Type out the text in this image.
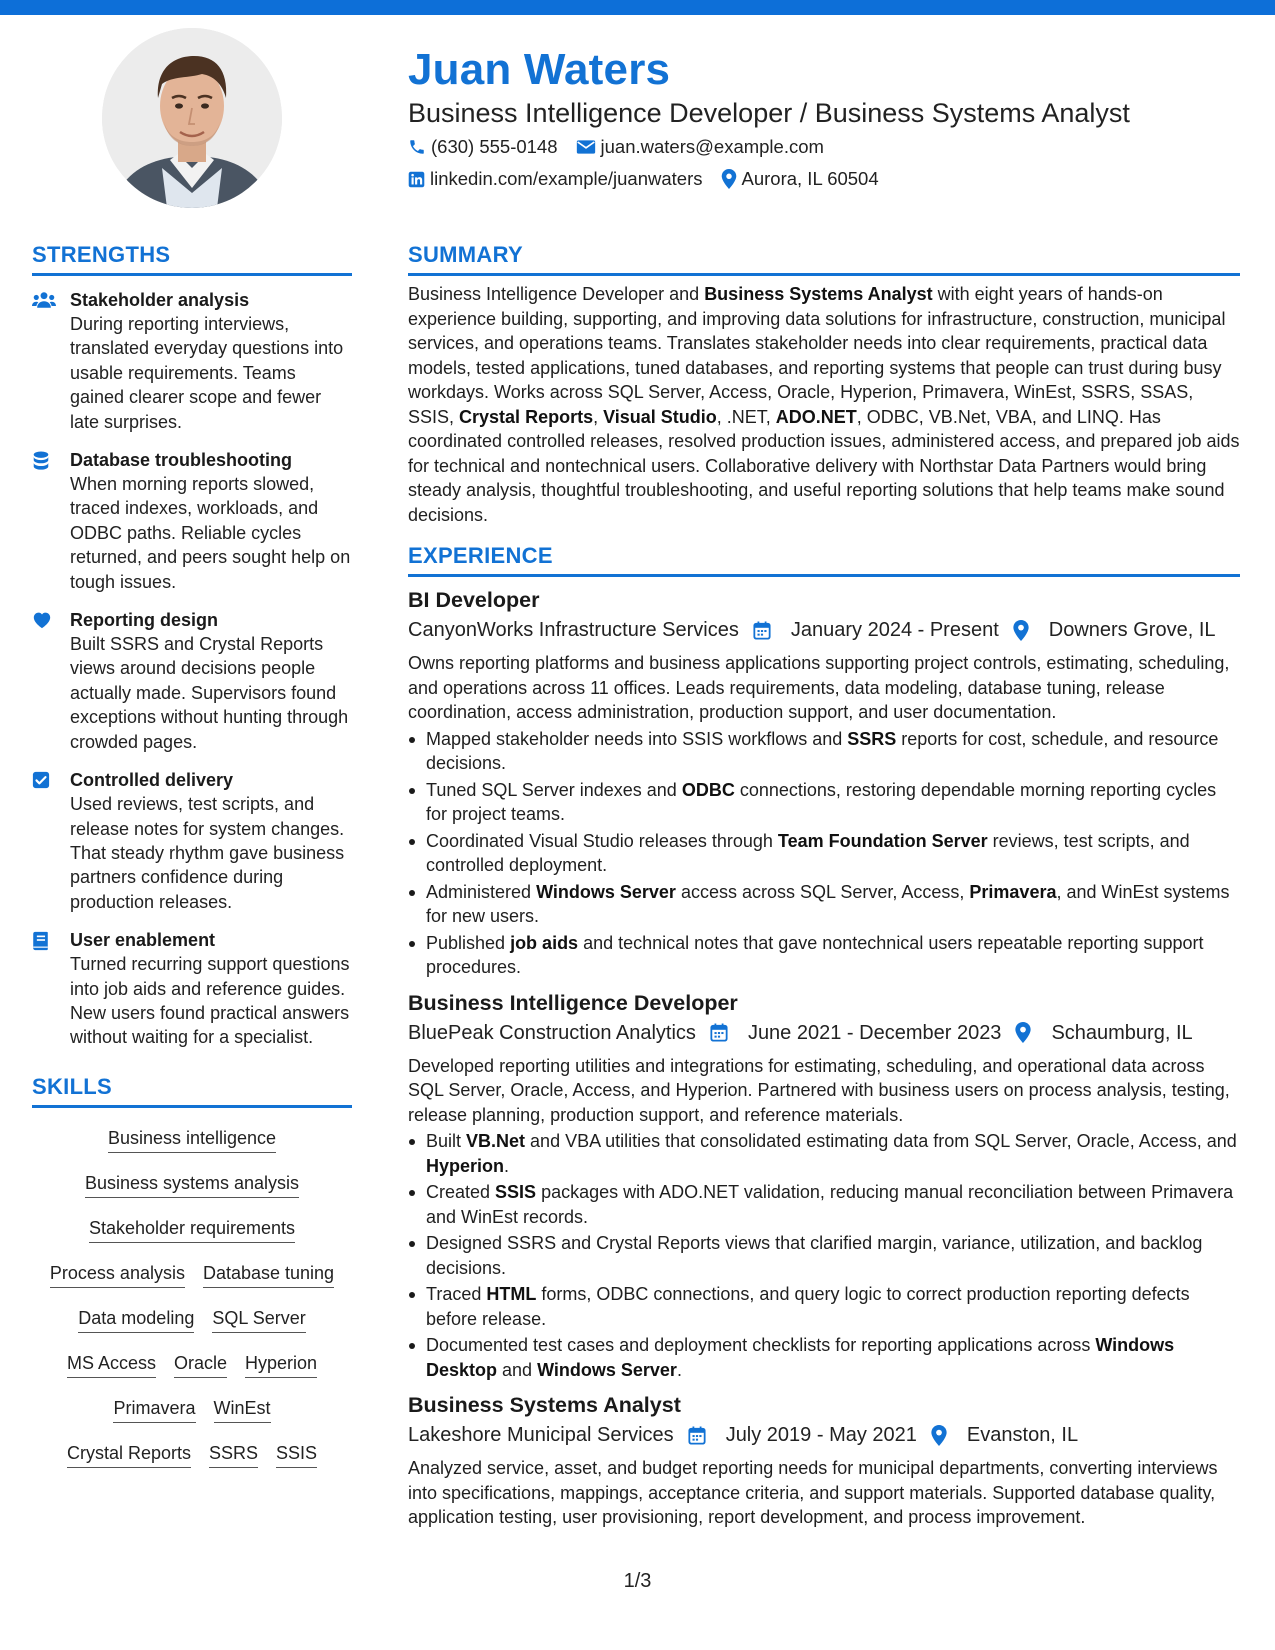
Juan Waters
Business Intelligence Developer / Business Systems Analyst
(630) 555-0148 juan.waters@example.com
linkedin.com/example/juanwaters Aurora, IL 60504
STRENGTHS
Stakeholder analysis
During reporting interviews, translated everyday questions into usable requirements. Teams gained clearer scope and fewer late surprises.
Database troubleshooting
When morning reports slowed, traced indexes, workloads, and ODBC paths. Reliable cycles returned, and peers sought help on tough issues.
Reporting design
Built SSRS and Crystal Reports views around decisions people actually made. Supervisors found exceptions without hunting through crowded pages.
Controlled delivery
Used reviews, test scripts, and release notes for system changes. That steady rhythm gave business partners confidence during production releases.
User enablement
Turned recurring support questions into job aids and reference guides. New users found practical answers without waiting for a specialist.
SKILLS
Business intelligence
Business systems analysis
Stakeholder requirements
Process analysis Database tuning
Data modeling SQL Server
MS Access Oracle Hyperion
Primavera WinEst
Crystal Reports SSRS SSIS
SUMMARY
Business Intelligence Developer and Business Systems Analyst with eight years of hands-on experience building, supporting, and improving data solutions for infrastructure, construction, municipal services, and operations teams. Translates stakeholder needs into clear requirements, practical data models, tested applications, tuned databases, and reporting systems that people can trust during busy workdays. Works across SQL Server, Access, Oracle, Hyperion, Primavera, WinEst, SSRS, SSAS, SSIS, Crystal Reports, Visual Studio, .NET, ADO.NET, ODBC, VB.Net, VBA, and LINQ. Has coordinated controlled releases, resolved production issues, administered access, and prepared job aids for technical and nontechnical users. Collaborative delivery with Northstar Data Partners would bring steady analysis, thoughtful troubleshooting, and useful reporting solutions that help teams make sound decisions.
EXPERIENCE
BI Developer
CanyonWorks Infrastructure Services	January 2024 - Present	Downers Grove, IL
Owns reporting platforms and business applications supporting project controls, estimating, scheduling, and operations across 11 offices. Leads requirements, data modeling, database tuning, release coordination, access administration, production support, and user documentation.
Mapped stakeholder needs into SSIS workflows and SSRS reports for cost, schedule, and resource decisions.
Tuned SQL Server indexes and ODBC connections, restoring dependable morning reporting cycles for project teams.
Coordinated Visual Studio releases through Team Foundation Server reviews, test scripts, and controlled deployment.
Administered Windows Server access across SQL Server, Access, Primavera, and WinEst systems for new users.
Published job aids and technical notes that gave nontechnical users repeatable reporting support procedures.
Business Intelligence Developer
BluePeak Construction Analytics	June 2021 - December 2023	Schaumburg, IL
Developed reporting utilities and integrations for estimating, scheduling, and operational data across SQL Server, Oracle, Access, and Hyperion. Partnered with business users on process analysis, testing, release planning, production support, and reference materials.
Built VB.Net and VBA utilities that consolidated estimating data from SQL Server, Oracle, Access, and Hyperion.
Created SSIS packages with ADO.NET validation, reducing manual reconciliation between Primavera and WinEst records.
Designed SSRS and Crystal Reports views that clarified margin, variance, utilization, and backlog decisions.
Traced HTML forms, ODBC connections, and query logic to correct production reporting defects before release.
Documented test cases and deployment checklists for reporting applications across Windows Desktop and Windows Server.
Business Systems Analyst
Lakeshore Municipal Services	July 2019 - May 2021	Evanston, IL
Analyzed service, asset, and budget reporting needs for municipal departments, converting interviews into specifications, mappings, acceptance criteria, and support materials. Supported database quality, application testing, user provisioning, report development, and process improvement.
1/3
